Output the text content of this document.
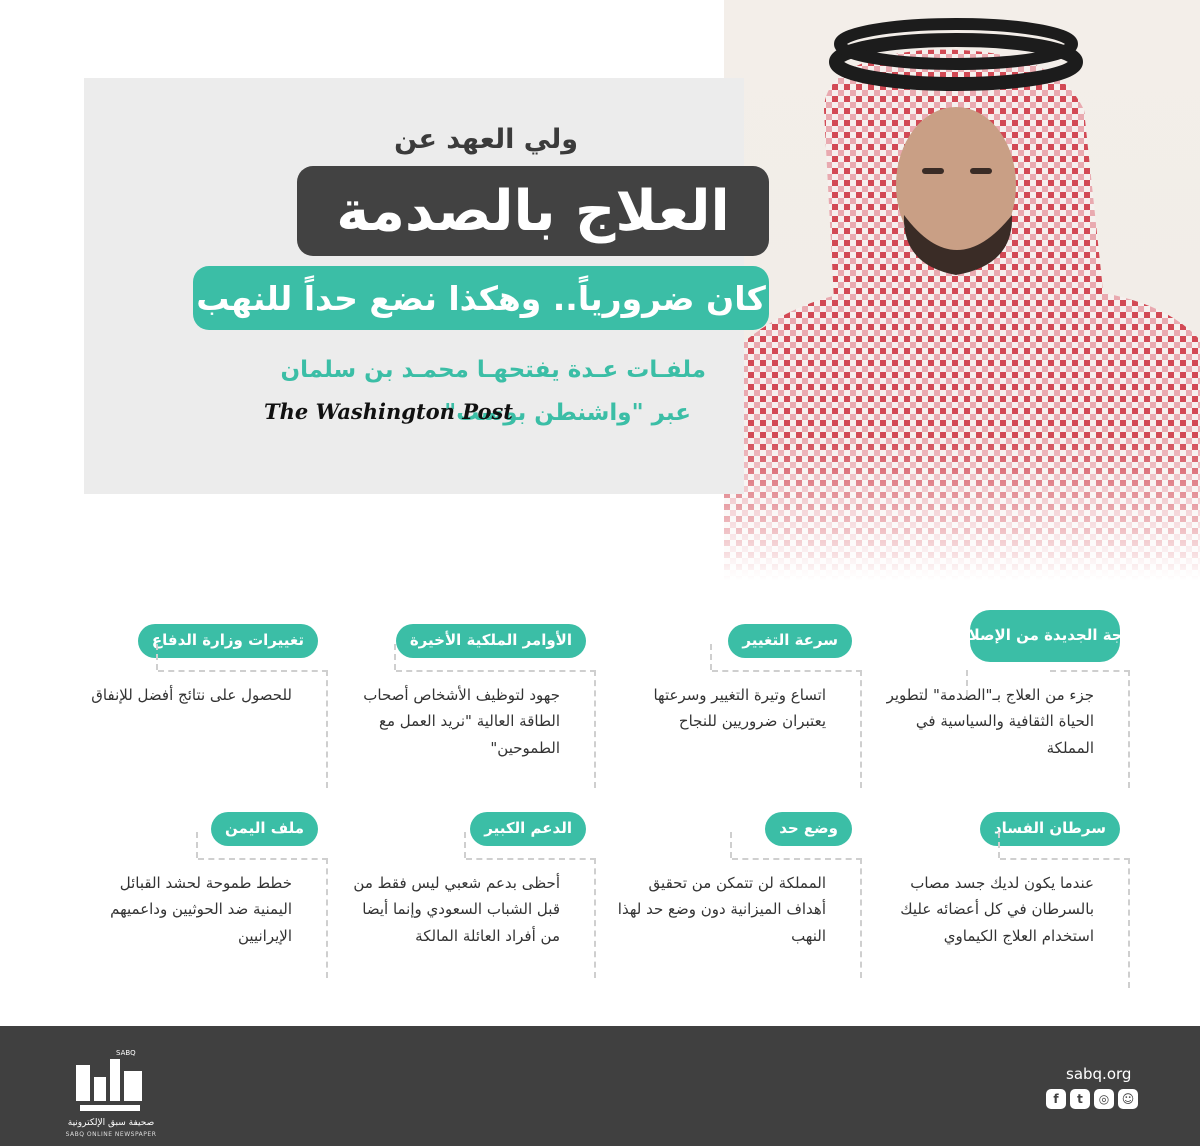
ولي العهد عن
العلاج بالصدمة
كان ضرورياً.. وهكذا نضع حداً للنهب
ملفـات عـدة يفتحهـا محمـد بن سلمان
عبر "واشنطن بوست"
The Washington Post
الموجة الجديدة من الإصلاحات
جزء من العلاج بـ"الصدمة" لتطوير الحياة الثقافية والسياسية في المملكة
سرعة التغيير
اتساع وتيرة التغيير وسرعتها يعتبران ضروريين للنجاح
الأوامر الملكية الأخيرة
جهود لتوظيف الأشخاص أصحاب الطاقة العالية "نريد العمل مع الطموحين"
تغييرات وزارة الدفاع
للحصول على نتائج أفضل للإنفاق
سرطان الفساد
عندما يكون لديك جسد مصاب بالسرطان في كل أعضائه عليك استخدام العلاج الكيماوي
وضع حد
المملكة لن تتمكن من تحقيق أهداف الميزانية دون وضع حد لهذا النهب
الدعم الكبير
أحظى بدعم شعبي ليس فقط من قبل الشباب السعودي وإنما أيضا من أفراد العائلة المالكة
ملف اليمن
خطط طموحة لحشد القبائل اليمنية ضد الحوثيين وداعميهم الإيرانيين
sabq.org
f	t	◎	☺
SABQ
صحيفة سبق الإلكترونية
SABQ ONLINE NEWSPAPER
